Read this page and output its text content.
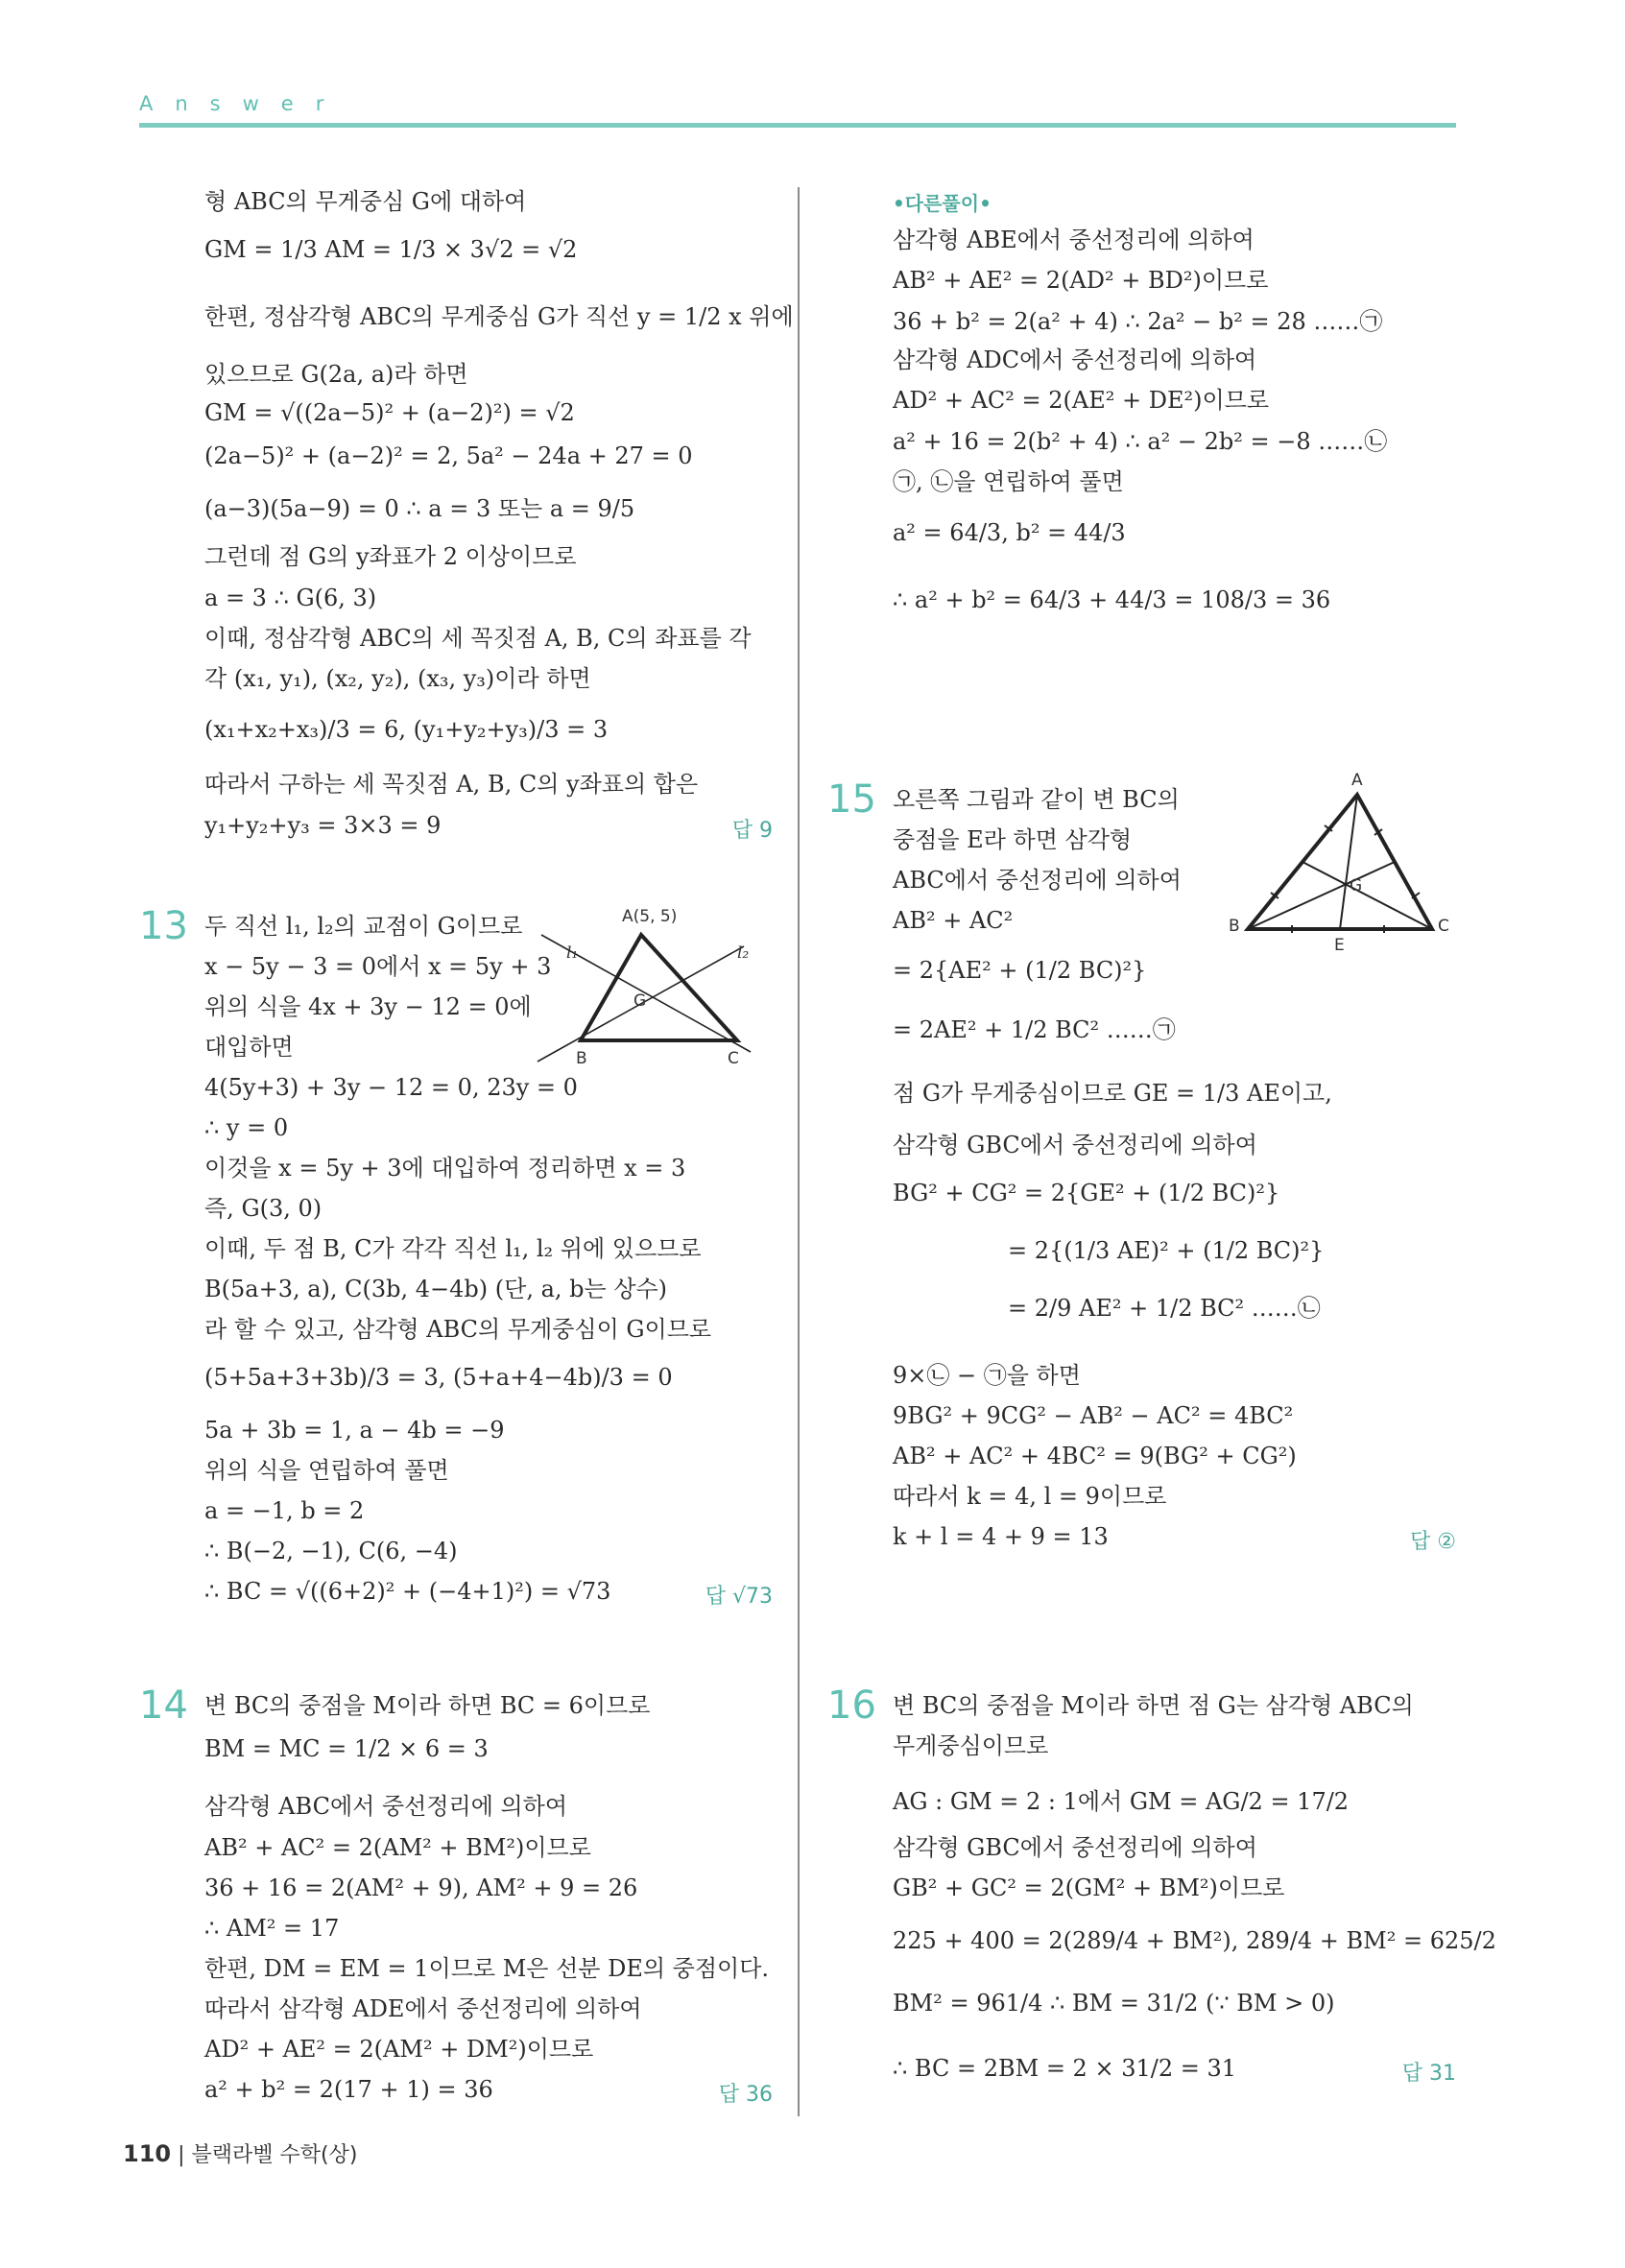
Answer
형 ABC의 무게중심 G에 대하여
GM = 1/3 AM = 1/3 × 3√2 = √2
한편, 정삼각형 ABC의 무게중심 G가 직선 y = 1/2 x 위에
있으므로 G(2a, a)라 하면
GM = √((2a−5)² + (a−2)²) = √2
(2a−5)² + (a−2)² = 2, 5a² − 24a + 27 = 0
(a−3)(5a−9) = 0 ∴ a = 3 또는 a = 9/5
그런데 점 G의 y좌표가 2 이상이므로
a = 3 ∴ G(6, 3)
이때, 정삼각형 ABC의 세 꼭짓점 A, B, C의 좌표를 각
각 (x₁, y₁), (x₂, y₂), (x₃, y₃)이라 하면
(x₁+x₂+x₃)/3 = 6, (y₁+y₂+y₃)/3 = 3
따라서 구하는 세 꼭짓점 A, B, C의 y좌표의 합은
y₁+y₂+y₃ = 3×3 = 9	답 9
13 두 직선 l₁, l₂의 교점이 G이므로
x − 5y − 3 = 0에서 x = 5y + 3
위의 식을 4x + 3y − 12 = 0에
대입하면
4(5y+3) + 3y − 12 = 0, 23y = 0
∴ y = 0
이것을 x = 5y + 3에 대입하여 정리하면 x = 3
즉, G(3, 0)
이때, 두 점 B, C가 각각 직선 l₁, l₂ 위에 있으므로
B(5a+3, a), C(3b, 4−4b) (단, a, b는 상수)
라 할 수 있고, 삼각형 ABC의 무게중심이 G이므로
(5+5a+3+3b)/3 = 3, (5+a+4−4b)/3 = 0
5a + 3b = 1, a − 4b = −9
위의 식을 연립하여 풀면
a = −1, b = 2
∴ B(−2, −1), C(6, −4)
∴ BC = √((6+2)² + (−4+1)²) = √73	답 √73
A(5, 5)
B	C
G
l₁	l₂
14 변 BC의 중점을 M이라 하면 BC = 6이므로
BM = MC = 1/2 × 6 = 3
삼각형 ABC에서 중선정리에 의하여
AB² + AC² = 2(AM² + BM²)이므로
36 + 16 = 2(AM² + 9), AM² + 9 = 26
∴ AM² = 17
한편, DM = EM = 1이므로 M은 선분 DE의 중점이다.
따라서 삼각형 ADE에서 중선정리에 의하여
AD² + AE² = 2(AM² + DM²)이므로
a² + b² = 2(17 + 1) = 36	답 36
•다른풀이•
삼각형 ABE에서 중선정리에 의하여
AB² + AE² = 2(AD² + BD²)이므로
36 + b² = 2(a² + 4) ∴ 2a² − b² = 28 ……㉠
삼각형 ADC에서 중선정리에 의하여
AD² + AC² = 2(AE² + DE²)이므로
a² + 16 = 2(b² + 4) ∴ a² − 2b² = −8 ……㉡
㉠, ㉡을 연립하여 풀면
a² = 64/3, b² = 44/3
∴ a² + b² = 64/3 + 44/3 = 108/3 = 36
15 오른쪽 그림과 같이 변 BC의
중점을 E라 하면 삼각형
ABC에서 중선정리에 의하여
AB² + AC²
= 2{AE² + (1/2 BC)²}
= 2AE² + 1/2 BC² ……㉠
점 G가 무게중심이므로 GE = 1/3 AE이고,
삼각형 GBC에서 중선정리에 의하여
BG² + CG² = 2{GE² + (1/2 BC)²}
= 2{(1/3 AE)² + (1/2 BC)²}
= 2/9 AE² + 1/2 BC² ……㉡
9×㉡ − ㉠을 하면
9BG² + 9CG² − AB² − AC² = 4BC²
AB² + AC² + 4BC² = 9(BG² + CG²)
따라서 k = 4, l = 9이므로
k + l = 4 + 9 = 13	답 ②
A
B	C
E
G
16 변 BC의 중점을 M이라 하면 점 G는 삼각형 ABC의
무게중심이므로
AG : GM = 2 : 1에서 GM = AG/2 = 17/2
삼각형 GBC에서 중선정리에 의하여
GB² + GC² = 2(GM² + BM²)이므로
225 + 400 = 2(289/4 + BM²), 289/4 + BM² = 625/2
BM² = 961/4 ∴ BM = 31/2 (∵ BM > 0)
∴ BC = 2BM = 2 × 31/2 = 31	답 31
110 | 블랙라벨 수학(상)
